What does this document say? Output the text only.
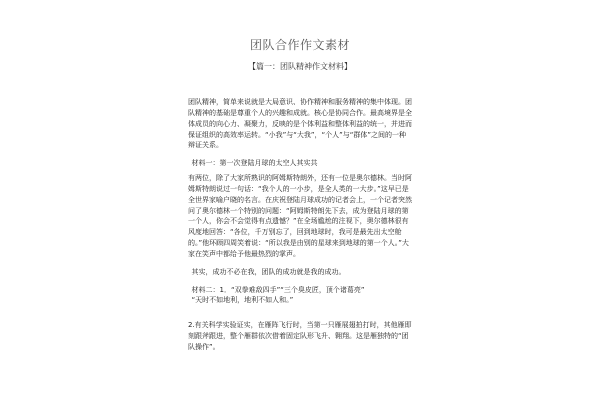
团队合作作文素材
【篇一：团队精神作文材料】

团队精神，简单来说就是大局意识、协作精神和服务精神的集中体现。团队精神的基础是尊重个人的兴趣和成就。核心是协同合作。最高境界是全体成员的向心力、凝聚力，反映的是个体利益和整体利益的统一，并进而保证组织的高效率运转。“小我”与“大我”，“个人”与“群体”之间的一种辩证关系。

材料一：第一次登陆月球的太空人其实共

有两位，除了大家所熟识的阿姆斯特朗外，还有一位是奥尔德林。当时阿姆斯特朗说过一句话：“我个人的一小步，是全人类的一大步。”这早已是全世界家喻户晓的名言。在庆祝登陆月球成功的记者会上，一个记者突然问了奥尔德林一个特别的问题：“阿姆斯特朗先下去，成为登陆月球的第一个人，你会不会觉得有点遗憾？”在全场尴尬的注视下，奥尔德林很有风度地回答：“各位，千万别忘了，回到地球时，我可是最先出太空舱的。”他环顾四周笑着说：“所以我是由别的星球来到地球的第一个人。”大家在笑声中都给予他最热烈的掌声。

其实，成功不必在我，团队的成功就是我的成功。

材料二：1．“双拳难敌四手”“三个臭皮匠，顶个诸葛亮”

“天时不如地利，地利不如人和。”

2.有关科学实验证实，在雁阵飞行时，当第一只雁展翅拍打时，其他雁即刻跟斧跟进，整个雁群依次借着固定队形飞升、翱翔。这是雁独特的“团队操作”。
